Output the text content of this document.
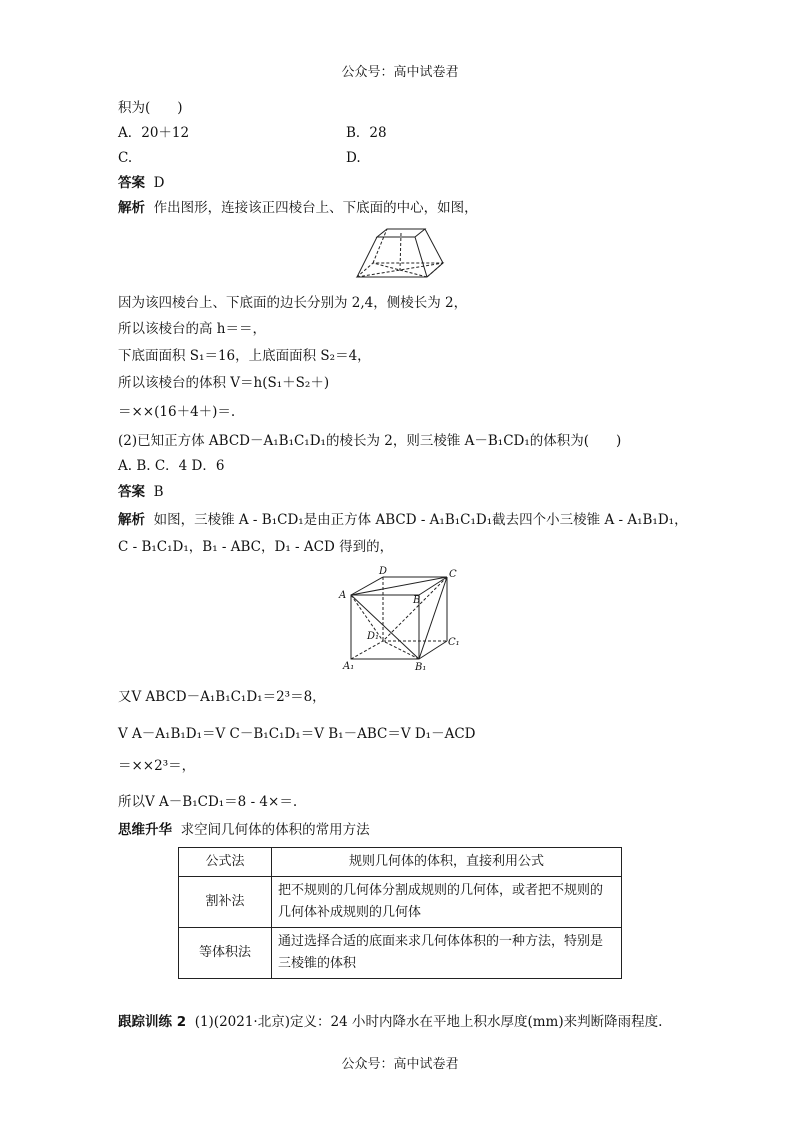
公众号：高中试卷君
积为(　　)
A．20＋12	B．28
C.	D.
答案 D
解析 作出图形，连接该正四棱台上、下底面的中心，如图，
因为该四棱台上、下底面的边长分别为 2,4，侧棱长为 2，
所以该棱台的高 h＝＝，
下底面面积 S₁＝16，上底面面积 S₂＝4，
所以该棱台的体积 V＝h(S₁＋S₂＋)
＝××(16＋4＋)＝.
(2)已知正方体 ABCD－A₁B₁C₁D₁的棱长为 2，则三棱锥 A－B₁CD₁的体积为(　　)
A. B. C．4 D．6
答案 B
解析 如图，三棱锥 A - B₁CD₁是由正方体 ABCD - A₁B₁C₁D₁截去四个小三棱锥 A - A₁B₁D₁，
C - B₁C₁D₁，B₁ - ABC，D₁ - ACD 得到的，
D	C
A	B
D₁
C₁
A₁	B₁
又V ABCD－A₁B₁C₁D₁＝2³＝8，
V A－A₁B₁D₁＝V C－B₁C₁D₁＝V B₁－ABC＝V D₁－ACD
＝××2³＝，
所以V A－B₁CD₁＝8 - 4×＝.
思维升华 求空间几何体的体积的常用方法
公式法	规则几何体的体积，直接利用公式
割补法	把不规则的几何体分割成规则的几何体，或者把不规则的几何体补成规则的几何体
等体积法	通过选择合适的底面来求几何体体积的一种方法，特别是三棱锥的体积
跟踪训练 2 (1)(2021·北京)定义：24 小时内降水在平地上积水厚度(mm)来判断降雨程度.
公众号：高中试卷君
